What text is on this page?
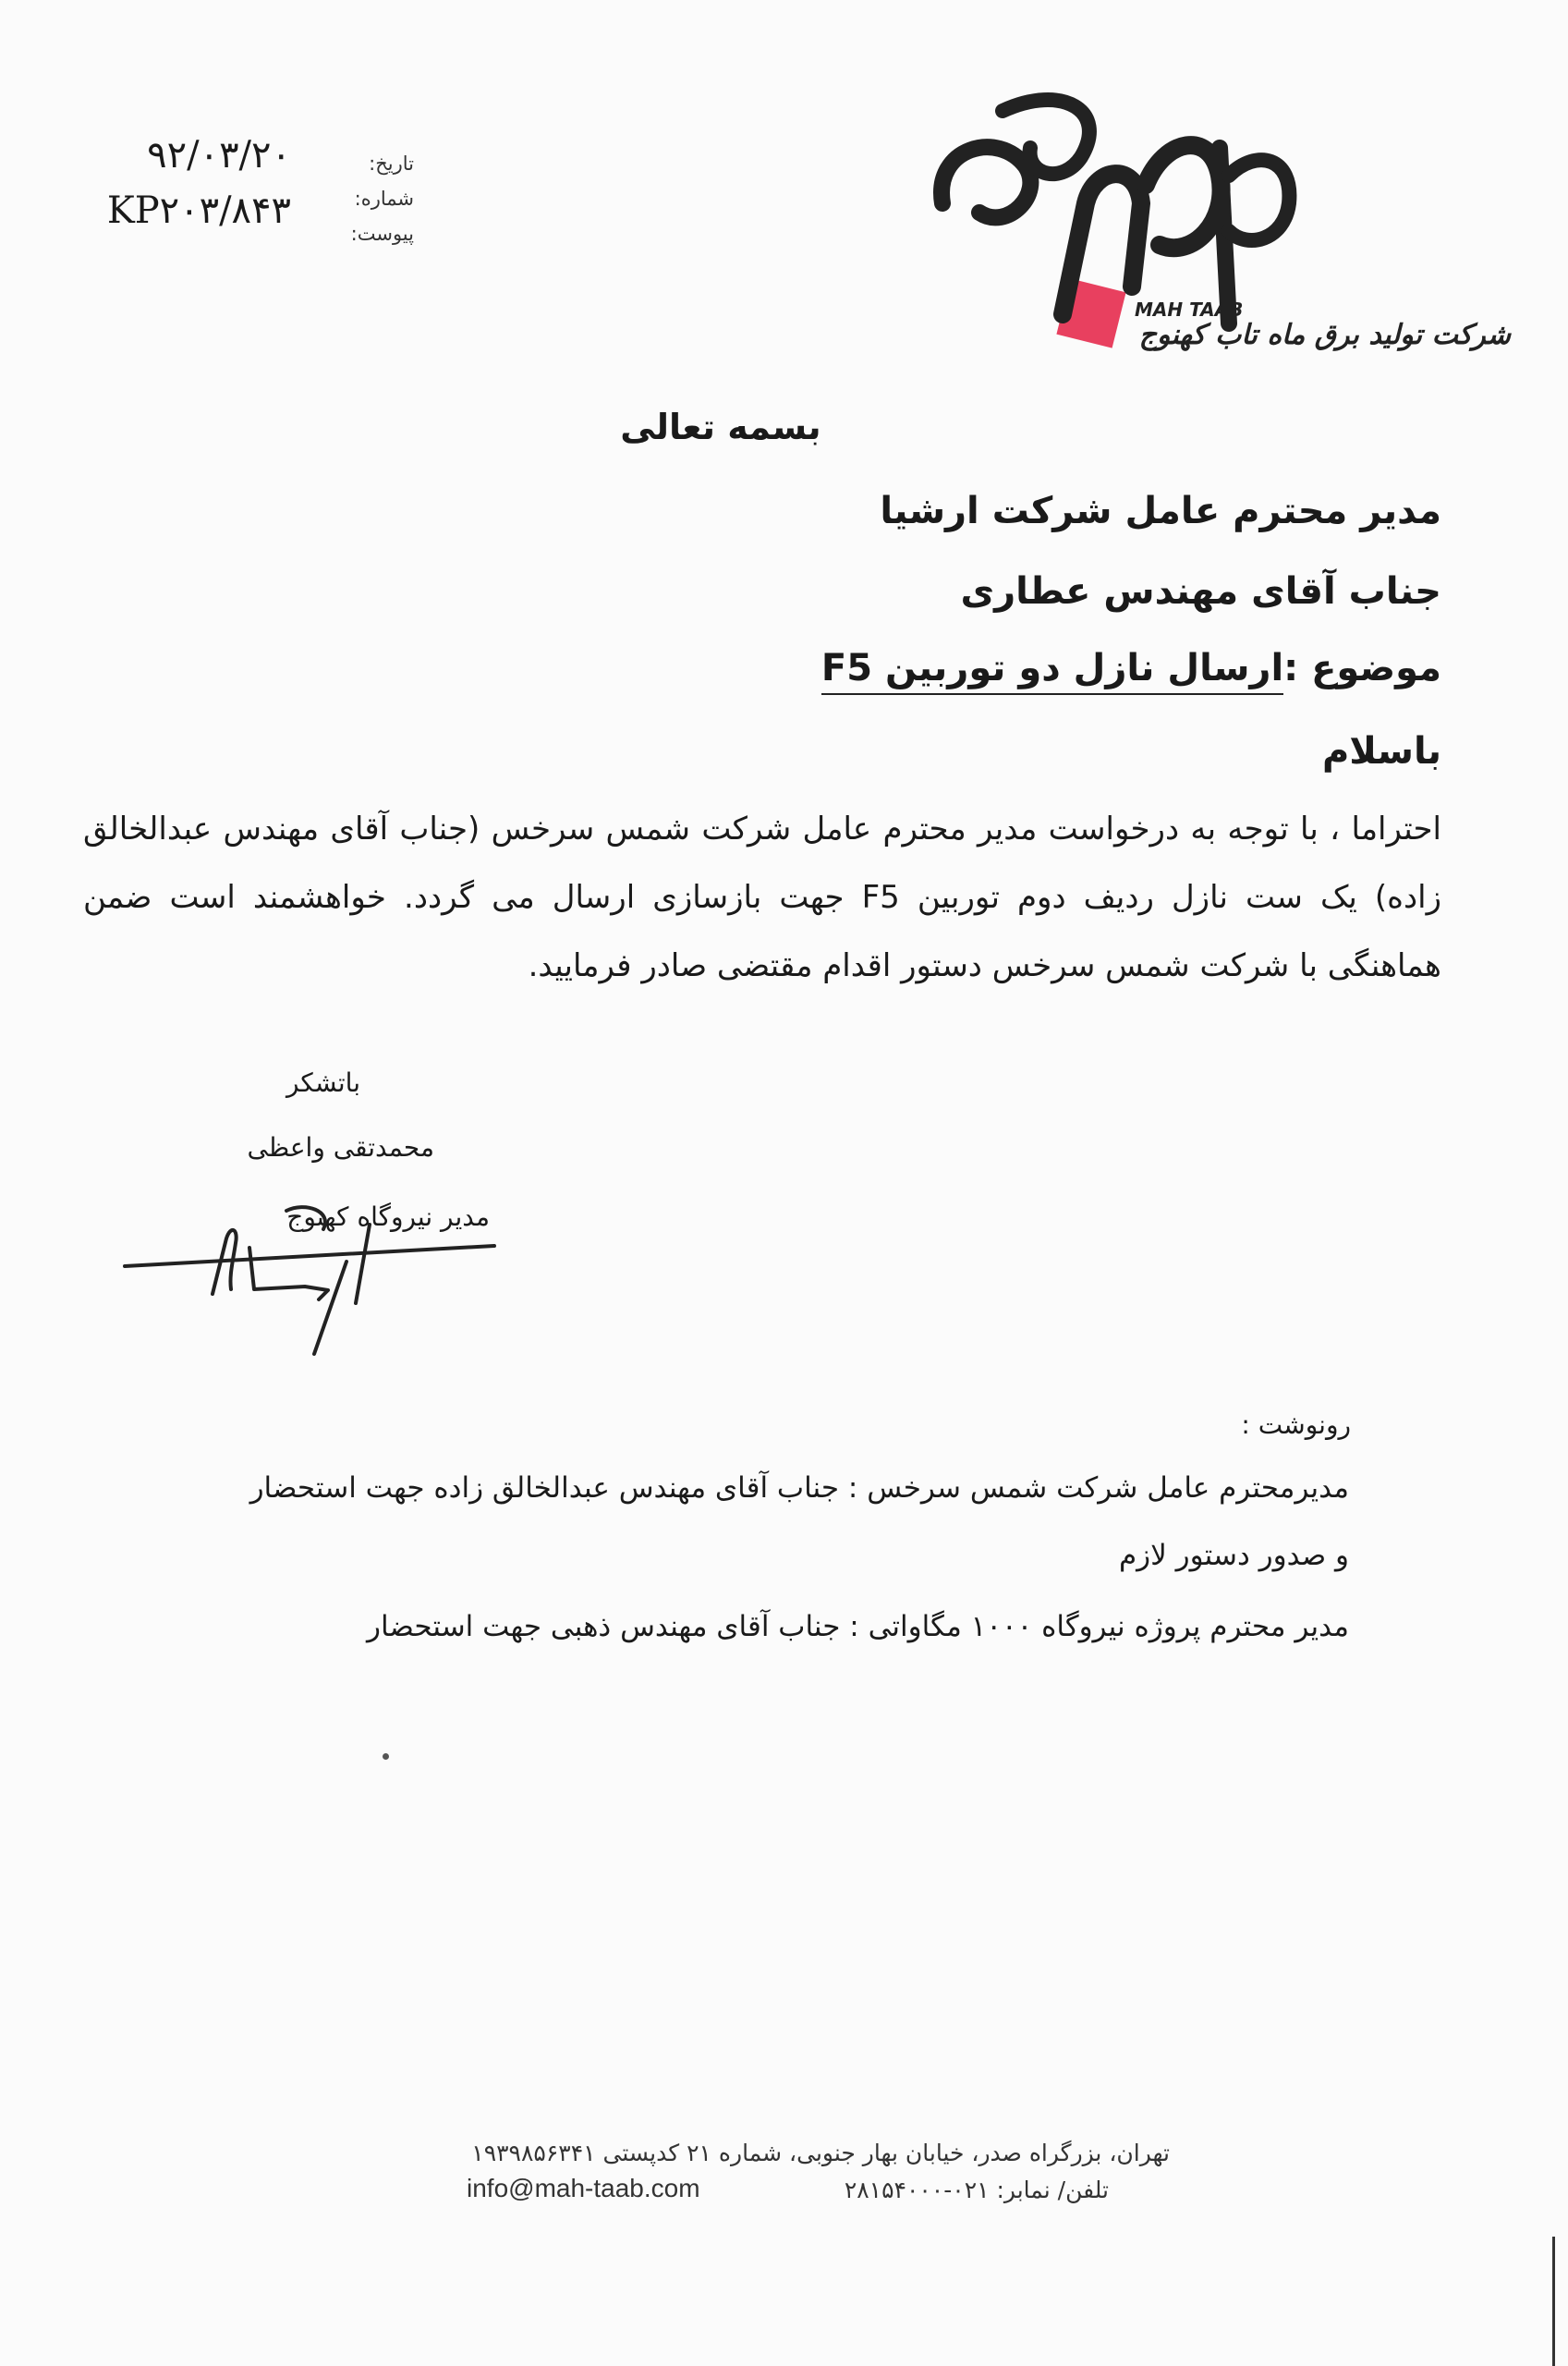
تاریخ:
شماره:
پیوست:
۹۲/۰۳/۲۰
KP۲۰۳/۸۴۳
MAH TAAB
شرکت تولید برق ماه تاب کهنوج
بسمه تعالی
مدیر محترم عامل شرکت ارشیا
جناب آقای مهندس عطاری
موضوع :ارسال نازل دو توربین F5
باسلام
احتراما ، با توجه به درخواست مدیر محترم عامل شرکت شمس سرخس (جناب آقای مهندس عبدالخالق زاده) یک ست نازل ردیف دوم توربین F5 جهت بازسازی ارسال می گردد. خواهشمند است ضمن هماهنگی با شرکت شمس سرخس دستور اقدام مقتضی صادر فرمایید.
باتشکر
محمدتقی واعظی
مدیر نیروگاه کهنوج
رونوشت :
مدیرمحترم عامل شرکت شمس سرخس : جناب آقای مهندس عبدالخالق زاده جهت استحضار
و صدور دستور لازم
مدیر محترم پروژه نیروگاه ۱۰۰۰ مگاواتی : جناب آقای مهندس ذهبی جهت استحضار
تهران، بزرگراه صدر، خیابان بهار جنوبی، شماره ۲۱ کدپستی ۱۹۳۹۸۵۶۳۴۱
تلفن/ نمابر: ۰۲۱-۲۸۱۵۴۰۰۰
info@mah-taab.com
